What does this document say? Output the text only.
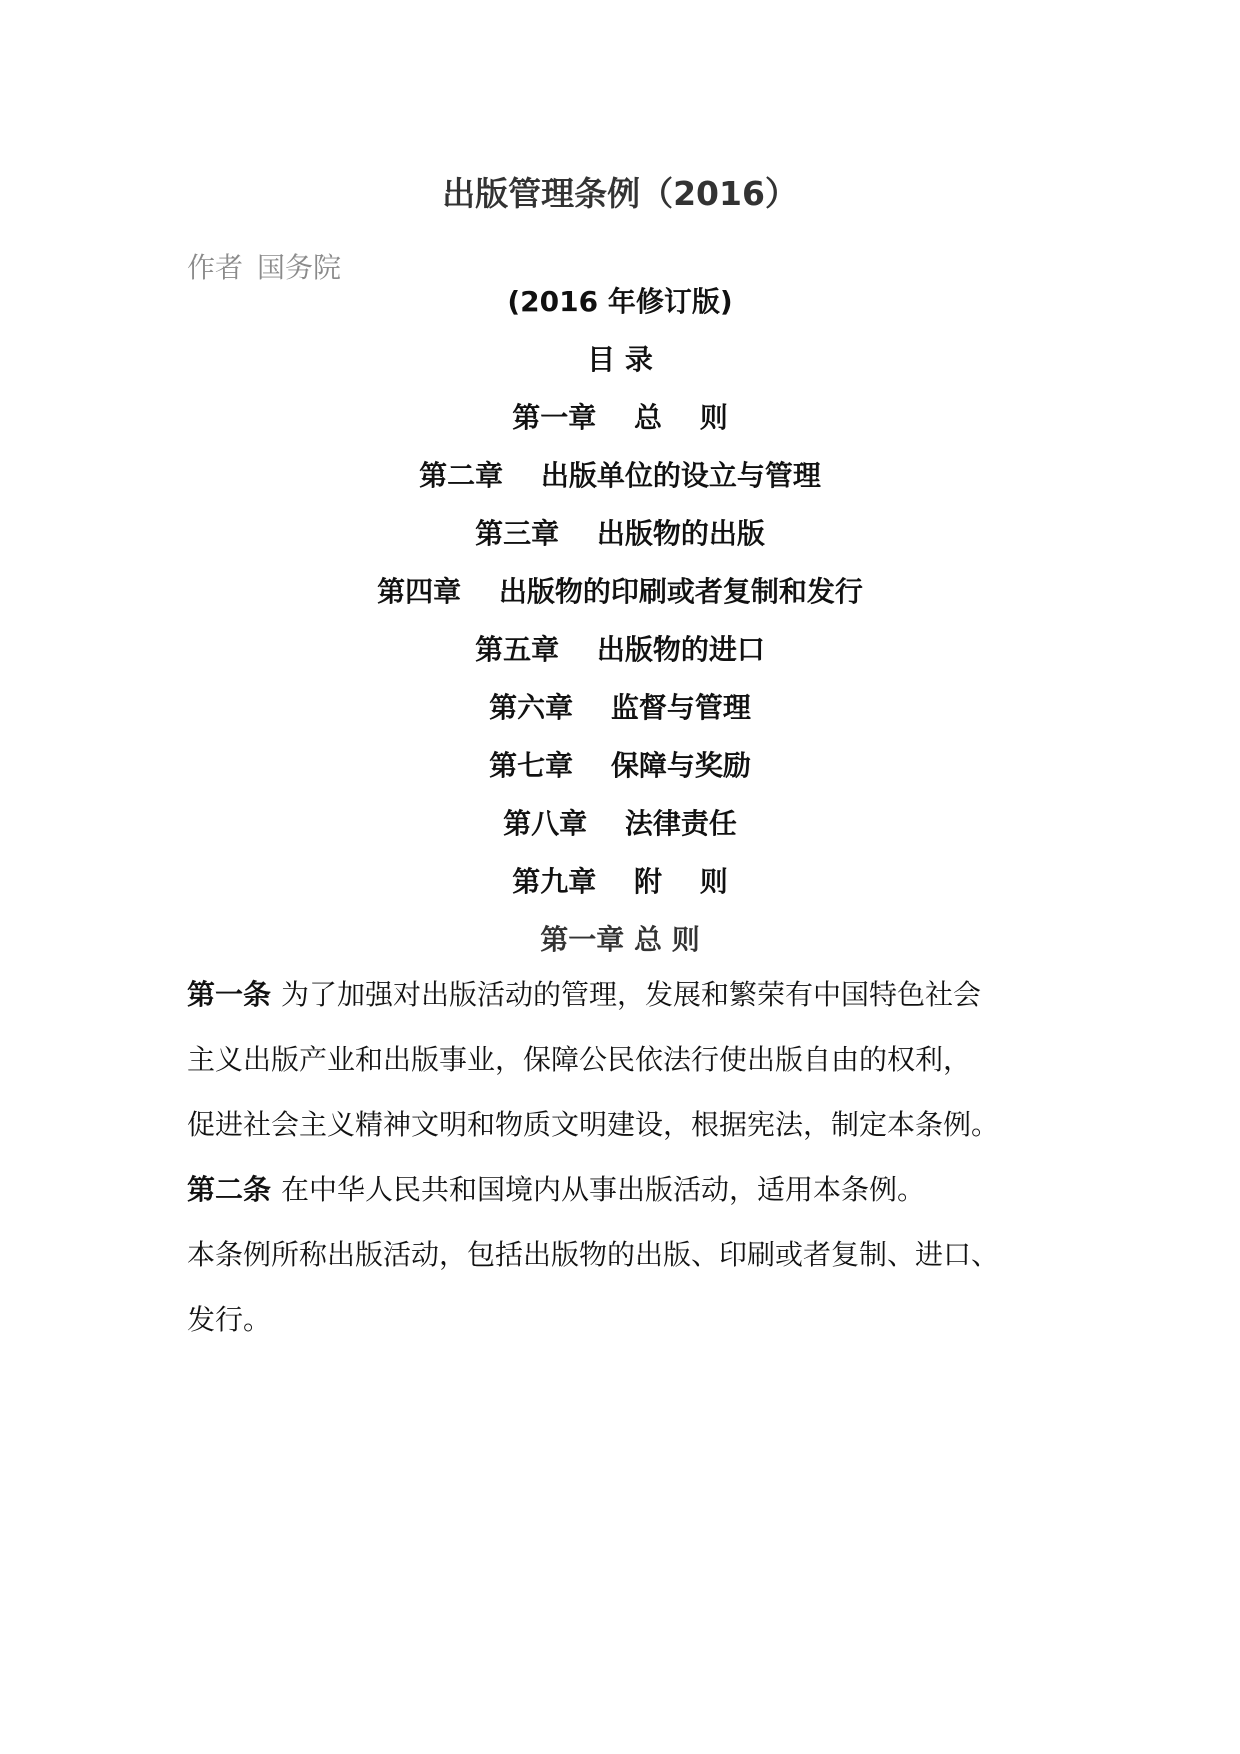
出版管理条例（2016）
作者 国务院
(2016 年修订版)
目 录
第一章　 总　 则
第二章　 出版单位的设立与管理
第三章　 出版物的出版
第四章　 出版物的印刷或者复制和发行
第五章　 出版物的进口
第六章　 监督与管理
第七章　 保障与奖励
第八章　 法律责任
第九章　 附　 则
第一章 总 则
第一条 为了加强对出版活动的管理，发展和繁荣有中国特色社会
主义出版产业和出版事业，保障公民依法行使出版自由的权利，
促进社会主义精神文明和物质文明建设，根据宪法，制定本条例。
第二条 在中华人民共和国境内从事出版活动，适用本条例。
本条例所称出版活动，包括出版物的出版、印刷或者复制、进口、
发行。
